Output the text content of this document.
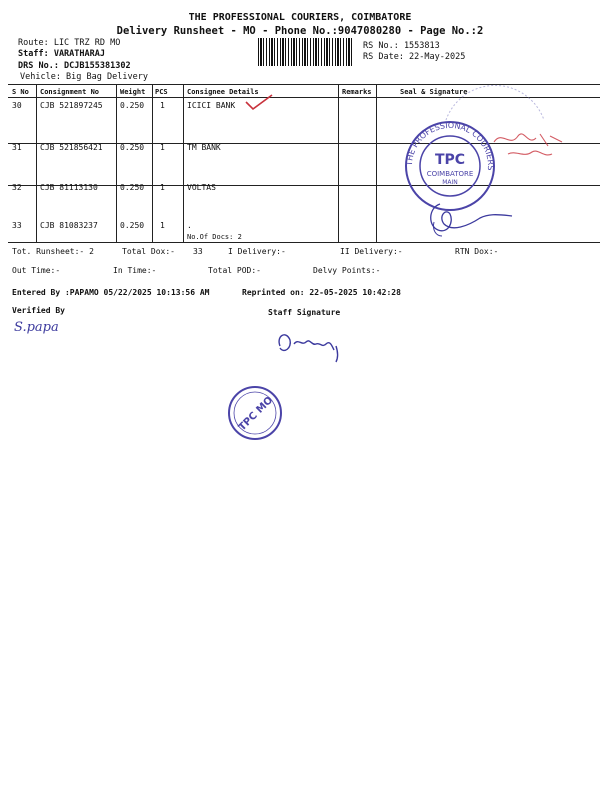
THE PROFESSIONAL COURIERS, COIMBATORE
Delivery Runsheet - MO - Phone No.:9047080280 - Page No.:2
Route: LIC TRZ RD MO
Staff: VARATHARAJ
DRS No.: DCJB155381302
Vehicle: Big Bag Delivery
RS No.: 1553813
RS Date: 22-May-2025
S No Consignment No	Weight PCS	Consignee Details	Remarks	Seal & Signature
30 CJB 521897245 0.250 1	ICICI BANK
31 CJB 521856421 0.250 1	TM BANK
32 CJB 81113130	0.250 1	VOLTAS
33 CJB 81083237	0.250 1	.
No.Of Docs: 2
Tot. Runsheet:- 2	Total Dox:- 33	I Delivery:-	II Delivery:-	RTN Dox:-
Out Time:-	In Time:-	Total POD:-	Delvy Points:-
Entered By :PAPAMO 05/22/2025 10:13:56 AM	Reprinted on: 22-05-2025 10:42:28
Verified By	Staff Signature
S.papa
THE PROFESSIONAL COURIERS
TPC
COIMBATORE
MAIN
TPC MO
